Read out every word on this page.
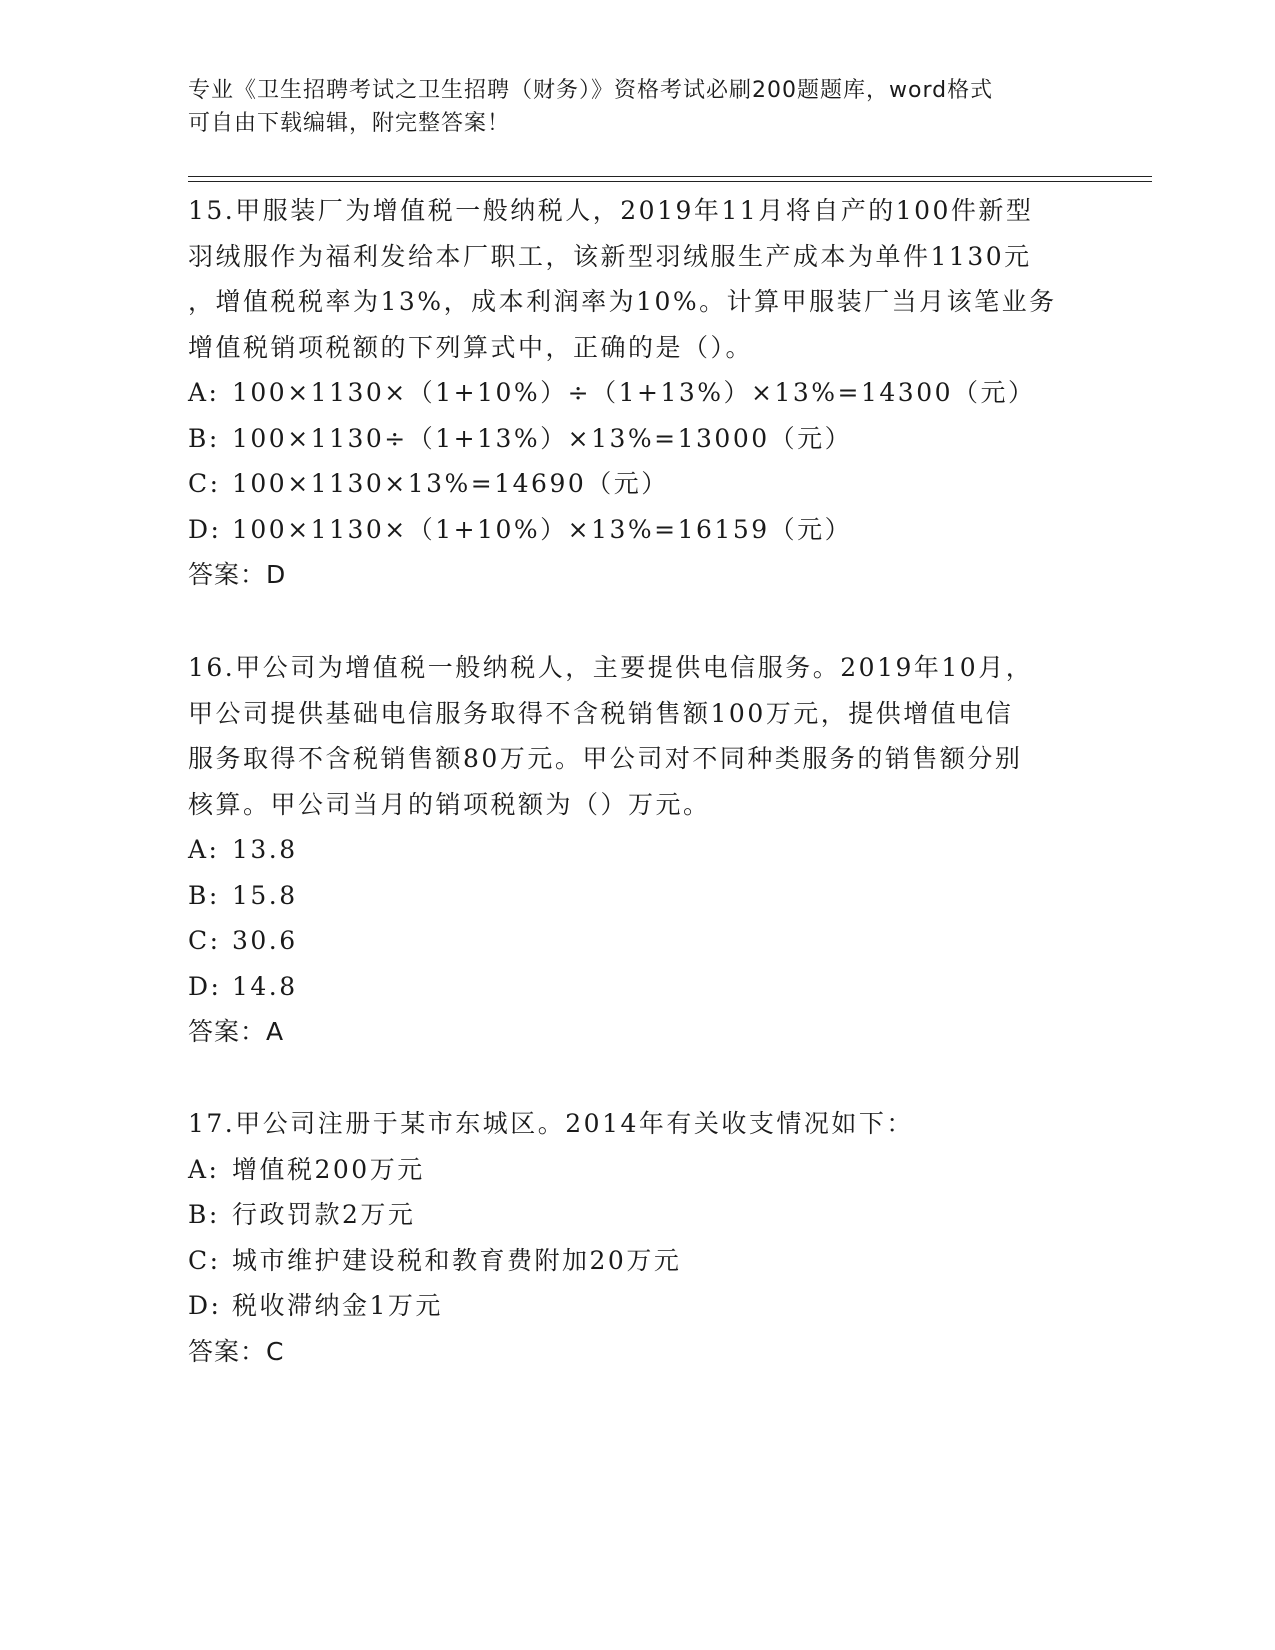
专业《卫生招聘考试之卫生招聘（财务）》资格考试必刷200题题库，word格式
可自由下载编辑，附完整答案！

15.甲服装厂为增值税一般纳税人，2019年11月将自产的100件新型

羽绒服作为福利发给本厂职工，该新型羽绒服生产成本为单件1130元

，增值税税率为13%，成本利润率为10%。计算甲服装厂当月该笔业务

增值税销项税额的下列算式中，正确的是（）。

A: 100×1130×（1+10%）÷（1+13%）×13%=14300（元）

B: 100×1130÷（1+13%）×13%=13000（元）

C: 100×1130×13%=14690（元）

D: 100×1130×（1+10%）×13%=16159（元）

答案：D

16.甲公司为增值税一般纳税人，主要提供电信服务。2019年10月，

甲公司提供基础电信服务取得不含税销售额100万元，提供增值电信

服务取得不含税销售额80万元。甲公司对不同种类服务的销售额分别

核算。甲公司当月的销项税额为（）万元。

A: 13.8

B: 15.8

C: 30.6

D: 14.8

答案：A

17.甲公司注册于某市东城区。2014年有关收支情况如下：

A: 增值税200万元

B: 行政罚款2万元

C: 城市维护建设税和教育费附加20万元

D: 税收滞纳金1万元

答案：C
